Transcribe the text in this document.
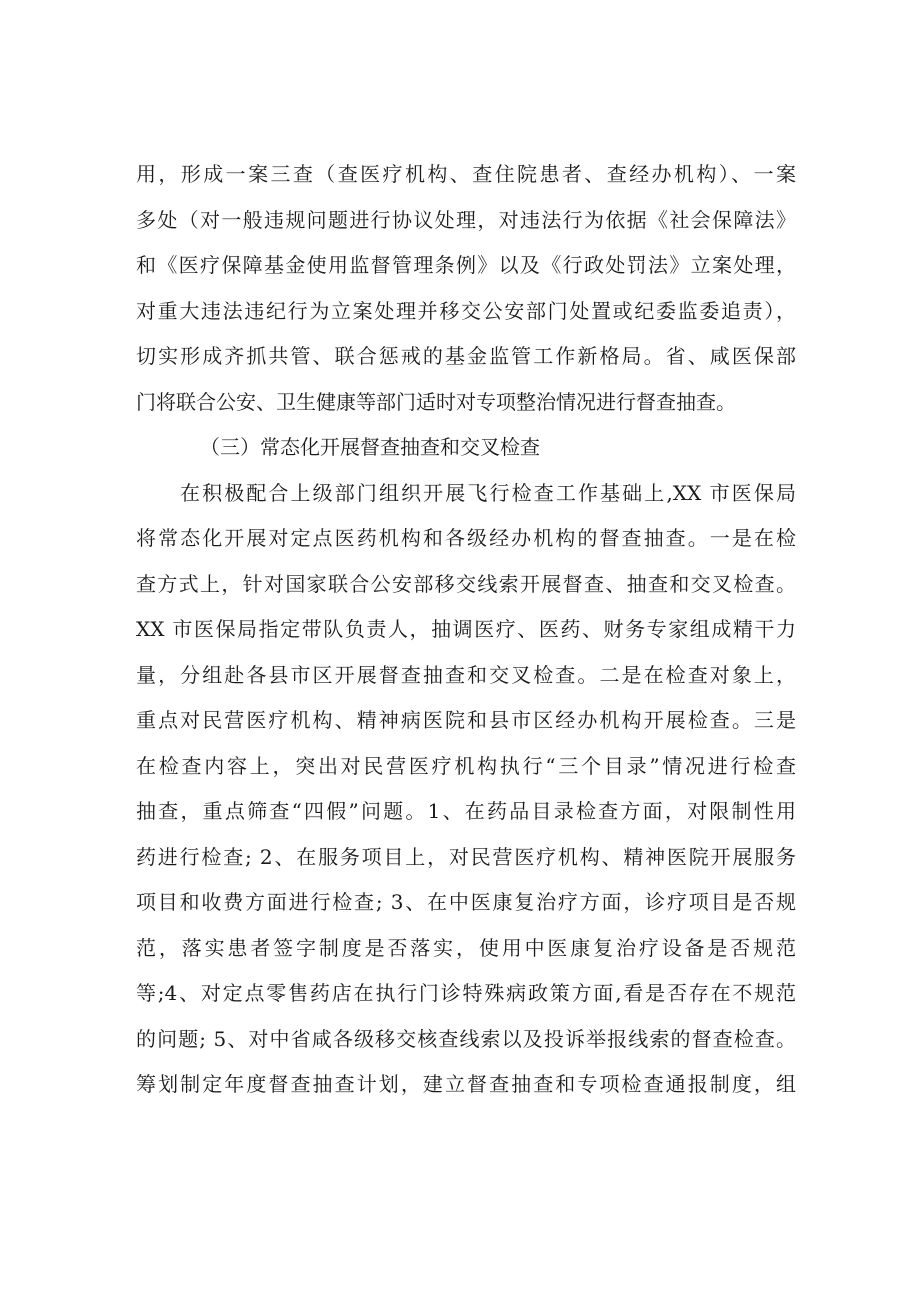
用，形成一案三查（查医疗机构、查住院患者、查经办机构）、一案
多处（对一般违规问题进行协议处理，对违法行为依据《社会保障法》
和《医疗保障基金使用监督管理条例》以及《行政处罚法》立案处理，
对重大违法违纪行为立案处理并移交公安部门处置或纪委监委追责），
切实形成齐抓共管、联合惩戒的基金监管工作新格局。省、咸医保部
门将联合公安、卫生健康等部门适时对专项整治情况进行督查抽查。
（三）常态化开展督查抽查和交叉检查
在积极配合上级部门组织开展飞行检查工作基础上,XX 市医保局
将常态化开展对定点医药机构和各级经办机构的督查抽查。一是在检
查方式上，针对国家联合公安部移交线索开展督查、抽查和交叉检查。
XX 市医保局指定带队负责人，抽调医疗、医药、财务专家组成精干力
量，分组赴各县市区开展督查抽查和交叉检查。二是在检查对象上，
重点对民营医疗机构、精神病医院和县市区经办机构开展检查。三是
在检查内容上，突出对民营医疗机构执行“三个目录”情况进行检查
抽查，重点筛查“四假”问题。1、在药品目录检查方面，对限制性用
药进行检查; 2、在服务项目上，对民营医疗机构、精神医院开展服务
项目和收费方面进行检查; 3、在中医康复治疗方面，诊疗项目是否规
范，落实患者签字制度是否落实，使用中医康复治疗设备是否规范
等;4、对定点零售药店在执行门诊特殊病政策方面,看是否存在不规范
的问题; 5、对中省咸各级移交核查线索以及投诉举报线索的督查检查。
筹划制定年度督查抽查计划，建立督查抽查和专项检查通报制度，组
